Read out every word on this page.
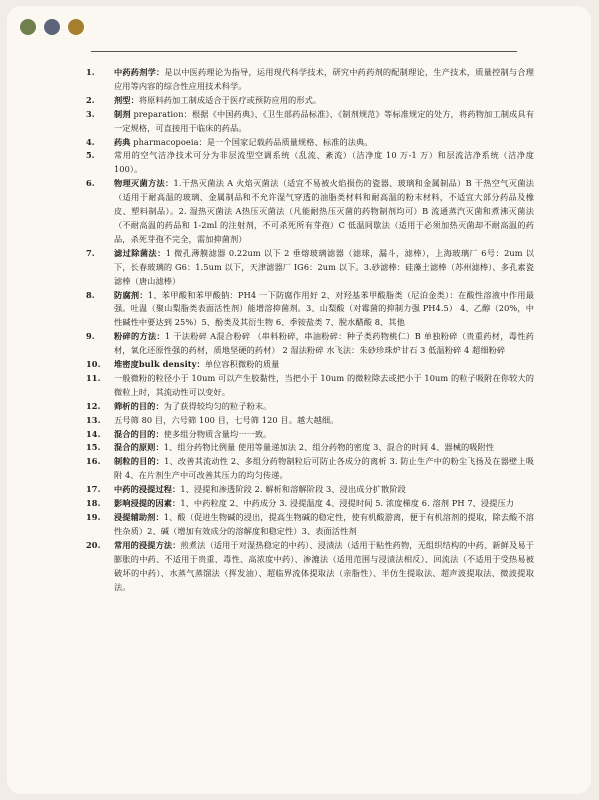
1.	中药药剂学：是以中医药理论为指导，运用现代科学技术，研究中药药剂的配制理论，生产技术，质量控制与合理应用等内容的综合性应用技术科学。
2.	剂型：将原料药加工制成适合于医疗或预防应用的形式。
3.	制剂 preparation：根据《中国药典》、《卫生部药品标准》、《制剂规范》等标准规定的处方，将药物加工制成具有一定规格，可直接用于临床的药品。
4.	药典 pharmacopoeia：是一个国家记载药品质量规格、标准的法典。
5.	常用的空气洁净技术可分为非层流型空调系统（乱流、紊流）（洁净度 10 万-1 万）和层流洁净系统（洁净度 100）。
6.	物理灭菌方法：1.干热灭菌法 A 火焰灭菌法（适宜不易被火焰损伤的瓷器、玻璃和金属制品）B 干热空气灭菌法（适用于耐高温的玻璃、金属制品和不允许湿气穿透的油脂类材料和耐高温的粉末材料，不适宜大部分药品及橡皮、塑料制品）。2. 湿热灭菌法 A热压灭菌法（凡能耐热压灭菌的药物制剂均可）B 流通蒸汽灭菌和煮沸灭菌法（不耐高温的药品和 1-2ml 的注射剂，不可杀死所有芽孢）C 低温间歇法（适用于必须加热灭菌却不耐高温的药品，杀死芽孢不完全，需加抑菌剂）
7.	滤过除菌法：1 微孔薄膜滤器 0.22um 以下 2 垂熔玻璃滤器（滤球，漏斗，滤棒），上海玻璃厂 6号：2um 以下，长春玻璃的 G6：1.5um 以下，天津滤器厂 IG6：2um 以下。3.砂滤棒：硅藻土滤棒（苏州滤棒）、多孔素瓷滤棒（唐山滤棒）
8.	防腐剂：1、苯甲酸和苯甲酸钠：PH4 一下防腐作用好 2、对羟基苯甲酸脂类（尼泊金类）：在酸性溶液中作用最强。吐温（聚山梨脂类表面活性剂）能增溶抑菌剂。3、山梨酸（对霉菌的抑制力强 PH4.5） 4、乙醇（20%，中性碱性中要达到 25%）5、酚类及其衍生物 6、季铵盐类 7、脱水醋酸 8、其他
9.	粉碎的方法：1 干法粉碎 A混合粉碎 （串料粉碎，串油粉碎：种子类药物桃仁）B 单独粉碎（贵重药材，毒性药材，氧化还原性强的药材，质地坚硬的药材） 2 湿法粉碎 水飞法：朱砂珍珠炉甘石 3 低温粉碎 4 超细粉碎
10.	堆密度bulk density：单位容积微粉的质量
11.	一般微粉的粒径小于 10um 可以产生胶黏性，当把小于 10um 的微粒除去或把小于 10um 的粒子吸附在你较大的微粒上时，其流动性可以变好。
12.	筛析的目的：为了获得较均匀的粒子粉末。
13.	五号筛 80 目，六号筛 100 目，七号筛 120 目。越大越细。
14.	混合的目的：使多组分物质含量均一一致。
15.	混合的原则：1、组分药物比例量 使用等量递加法 2、组分药物的密度 3、混合的时间 4、器械的吸附性
16.	制粒的目的：1、改善其流动性 2、多组分药物制粒后可防止各成分的离析 3. 防止生产中的粉尘飞扬及在器壁上吸附 4、在片剂生产中可改善其压力的均匀传递。
17.	中药的浸提过程：1、浸提和渗透阶段 2. 解析和溶解阶段 3、浸出成分扩散阶段
18.	影响浸提的因素：1、中药粒度 2、中药成分 3. 浸提温度 4、浸提时间 5. 浓度梯度 6. 溶剂 PH 7、浸提压力
19.	浸提辅助剂：1、酸（促进生物碱的浸出，提高生物碱的稳定性，使有机酸游离，便于有机溶剂的提取，除去酸不溶性杂质）2、碱（增加有效成分的溶解度和稳定性）3、表面活性剂
20.	常用的浸提方法：煎煮法（适用于对湿热稳定的中药）、浸渍法（适用于粘性药物，无组织结构的中药、新鲜及易于膨胀的中药、不适用于贵重、毒性、高浓度中药）、渗漉法（适用范围与浸渍法相反）、回流法（不适用于受热易被破坏的中药）、水蒸气蒸馏法（挥发油）、超临界流体提取法（亲脂性）、半仿生提取法、超声波提取法、微波提取法。
